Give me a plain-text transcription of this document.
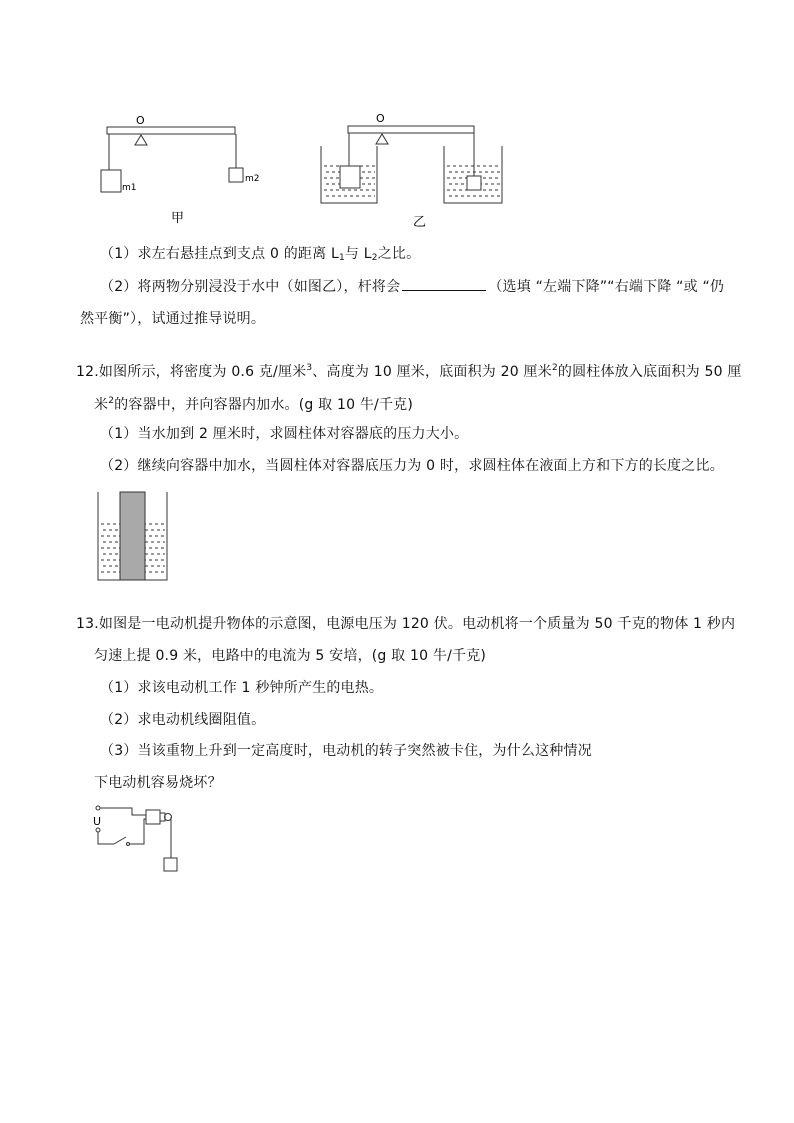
O
m1
m2
甲
O
乙
（1）求左右悬挂点到支点 0 的距离 $L_1$与 $L_2$之比。
（2）将两物分别浸没于水中（如图乙），杆将会	（选填 “左端下降”“右端下降 “或 “仍
然平衡”），试通过推导说明。
12.如图所示，将密度为 0.6 克/厘米$^3$、高度为 10 厘米，底面积为 20 厘米$^2$的圆柱体放入底面积为 50 厘
米$^2$的容器中，并向容器内加水。(g 取 10 牛/千克)
（1）当水加到 2 厘米时，求圆柱体对容器底的压力大小。
（2）继续向容器中加水，当圆柱体对容器底压力为 0 时，求圆柱体在液面上方和下方的长度之比。
13.如图是一电动机提升物体的示意图，电源电压为 120 伏。电动机将一个质量为 50 千克的物体 1 秒内
匀速上提 0.9 米，电路中的电流为 5 安培，(g 取 10 牛/千克)
（1）求该电动机工作 1 秒钟所产生的电热。
（2）求电动机线圈阻值。
（3）当该重物上升到一定高度时，电动机的转子突然被卡住，为什么这种情况
下电动机容易烧坏？
U
